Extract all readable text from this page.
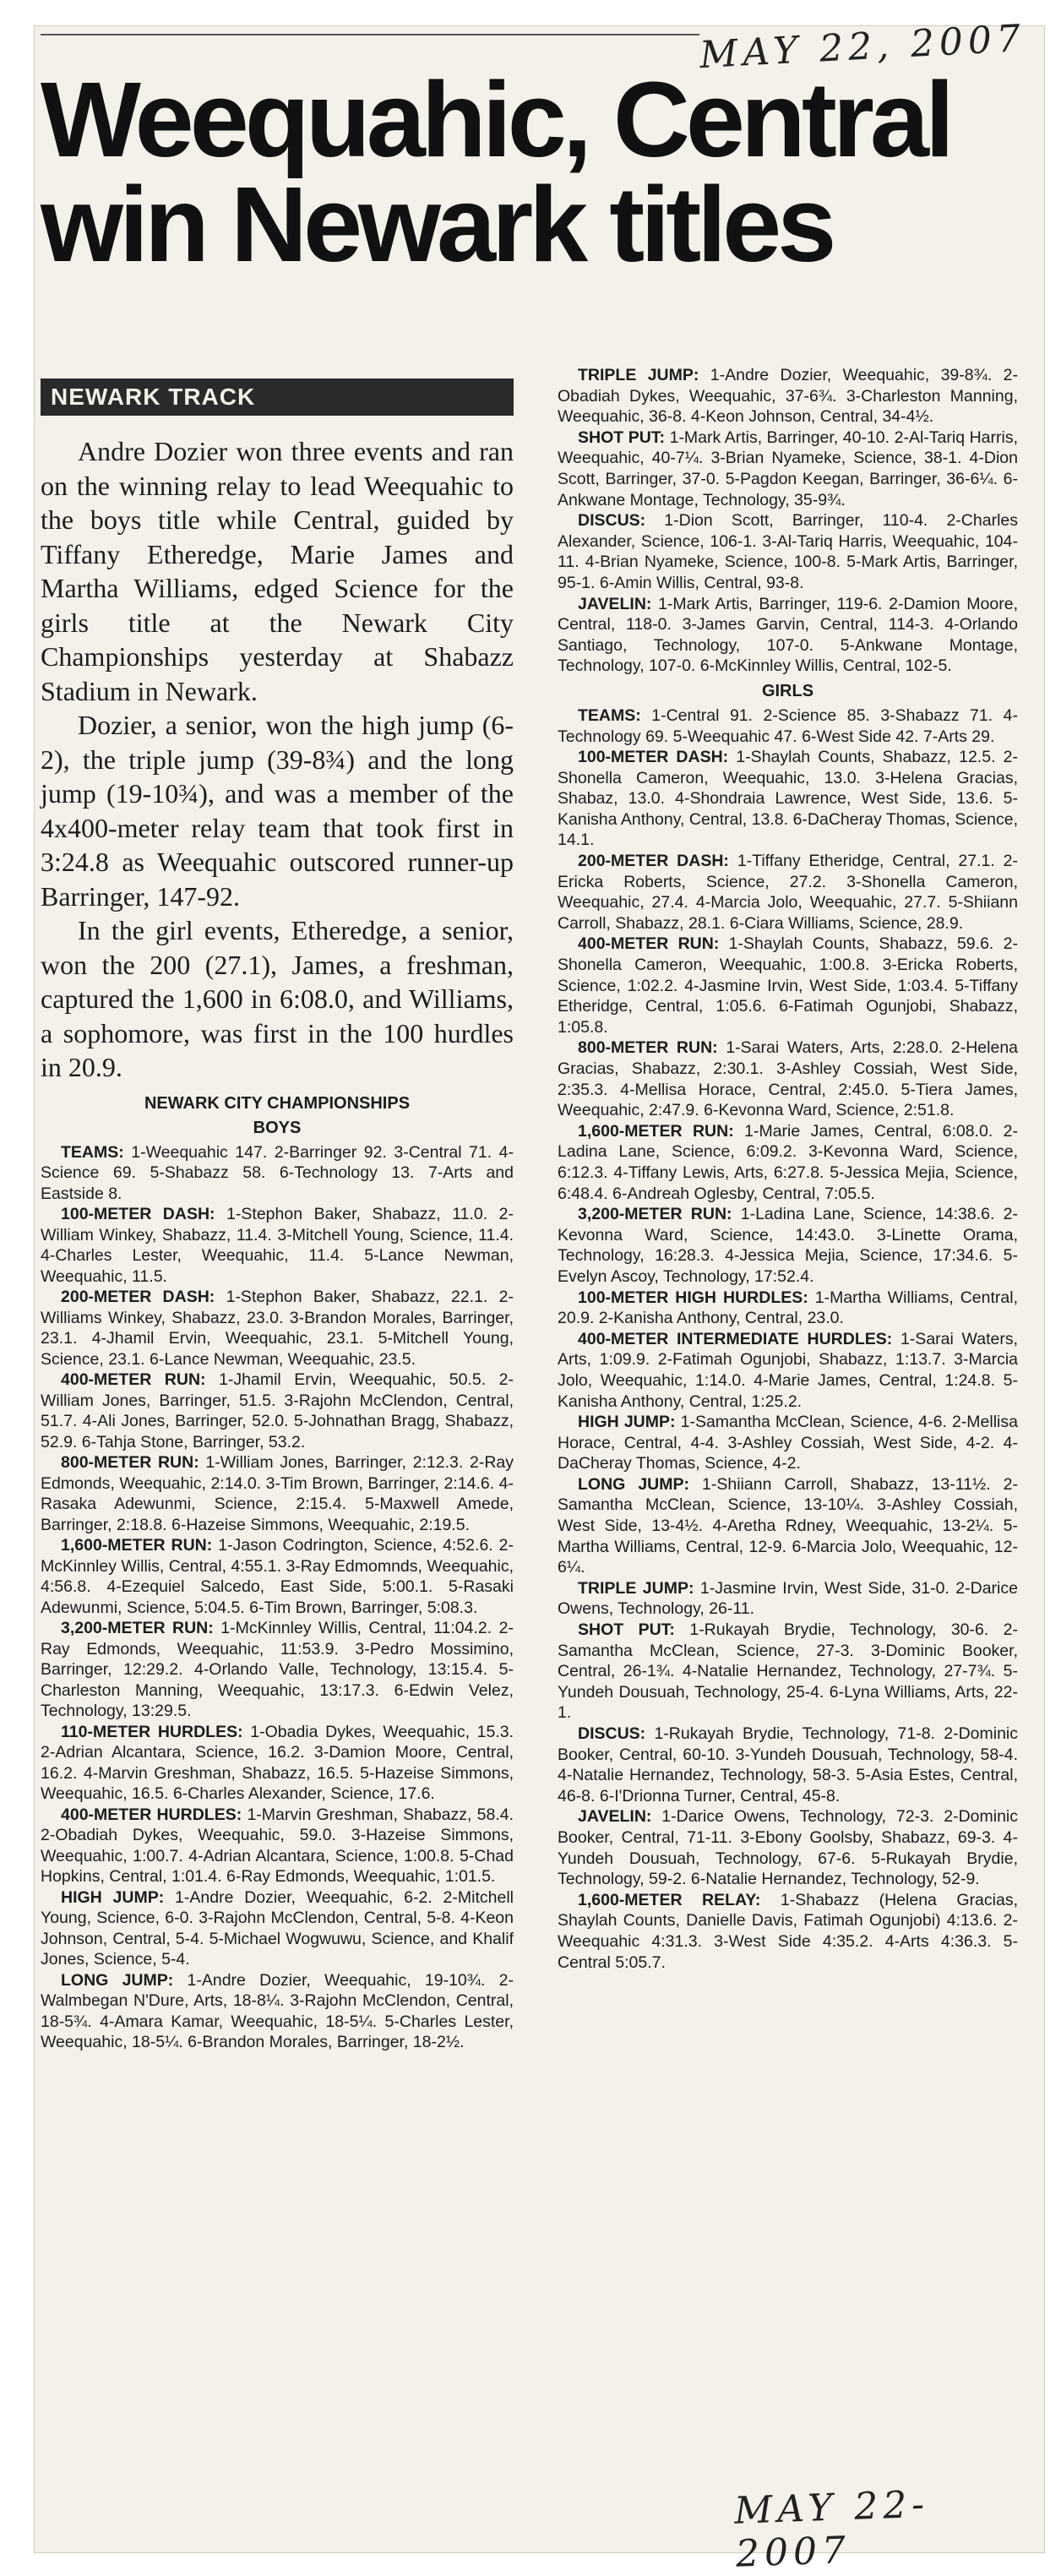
MAY 22, 2007
Weequahic, Central
win Newark titles
NEWARK TRACK

Andre Dozier won three events and ran on the winning relay to lead Weequahic to the boys title while Central, guided by Tiffany Etheredge, Marie James and Martha Williams, edged Science for the girls title at the Newark City Championships yesterday at Shabazz Stadium in Newark.

Dozier, a senior, won the high jump (6-2), the triple jump (39-8¾) and the long jump (19-10¾), and was a member of the 4x400-meter relay team that took first in 3:24.8 as Weequahic outscored runner-up Barringer, 147-92.

In the girl events, Etheredge, a senior, won the 200 (27.1), James, a freshman, captured the 1,600 in 6:08.0, and Williams, a sophomore, was first in the 100 hurdles in 20.9.

NEWARK CITY CHAMPIONSHIPS
BOYS

TEAMS: 1-Weequahic 147. 2-Barringer 92. 3-Central 71. 4-Science 69. 5-Shabazz 58. 6-Technology 13. 7-Arts and Eastside 8.

100-METER DASH: 1-Stephon Baker, Shabazz, 11.0. 2-William Winkey, Shabazz, 11.4. 3-Mitchell Young, Science, 11.4. 4-Charles Lester, Weequahic, 11.4. 5-Lance Newman, Weequahic, 11.5.

200-METER DASH: 1-Stephon Baker, Shabazz, 22.1. 2-Williams Winkey, Shabazz, 23.0. 3-Brandon Morales, Barringer, 23.1. 4-Jhamil Ervin, Weequahic, 23.1. 5-Mitchell Young, Science, 23.1. 6-Lance Newman, Weequahic, 23.5.

400-METER RUN: 1-Jhamil Ervin, Weequahic, 50.5. 2-William Jones, Barringer, 51.5. 3-Rajohn McClendon, Central, 51.7. 4-Ali Jones, Barringer, 52.0. 5-Johnathan Bragg, Shabazz, 52.9. 6-Tahja Stone, Barringer, 53.2.

800-METER RUN: 1-William Jones, Barringer, 2:12.3. 2-Ray Edmonds, Weequahic, 2:14.0. 3-Tim Brown, Barringer, 2:14.6. 4-Rasaka Adewunmi, Science, 2:15.4. 5-Maxwell Amede, Barringer, 2:18.8. 6-Hazeise Simmons, Weequahic, 2:19.5.

1,600-METER RUN: 1-Jason Codrington, Science, 4:52.6. 2-McKinnley Willis, Central, 4:55.1. 3-Ray Edmomnds, Weequahic, 4:56.8. 4-Ezequiel Salcedo, East Side, 5:00.1. 5-Rasaki Adewunmi, Science, 5:04.5. 6-Tim Brown, Barringer, 5:08.3.

3,200-METER RUN: 1-McKinnley Willis, Central, 11:04.2. 2-Ray Edmonds, Weequahic, 11:53.9. 3-Pedro Mossimino, Barringer, 12:29.2. 4-Orlando Valle, Technology, 13:15.4. 5-Charleston Manning, Weequahic, 13:17.3. 6-Edwin Velez, Technology, 13:29.5.

110-METER HURDLES: 1-Obadia Dykes, Weequahic, 15.3. 2-Adrian Alcantara, Science, 16.2. 3-Damion Moore, Central, 16.2. 4-Marvin Greshman, Shabazz, 16.5. 5-Hazeise Simmons, Weequahic, 16.5. 6-Charles Alexander, Science, 17.6.

400-METER HURDLES: 1-Marvin Greshman, Shabazz, 58.4. 2-Obadiah Dykes, Weequahic, 59.0. 3-Hazeise Simmons, Weequahic, 1:00.7. 4-Adrian Alcantara, Science, 1:00.8. 5-Chad Hopkins, Central, 1:01.4. 6-Ray Edmonds, Weequahic, 1:01.5.

HIGH JUMP: 1-Andre Dozier, Weequahic, 6-2. 2-Mitchell Young, Science, 6-0. 3-Rajohn McClendon, Central, 5-8. 4-Keon Johnson, Central, 5-4. 5-Michael Wogwuwu, Science, and Khalif Jones, Science, 5-4.

LONG JUMP: 1-Andre Dozier, Weequahic, 19-10¾. 2-Walmbegan N'Dure, Arts, 18-8¼. 3-Rajohn McClendon, Central, 18-5¾. 4-Amara Kamar, Weequahic, 18-5¼. 5-Charles Lester, Weequahic, 18-5¼. 6-Brandon Morales, Barringer, 18-2½.

TRIPLE JUMP: 1-Andre Dozier, Weequahic, 39-8¾. 2-Obadiah Dykes, Weequahic, 37-6¾. 3-Charleston Manning, Weequahic, 36-8. 4-Keon Johnson, Central, 34-4½.

SHOT PUT: 1-Mark Artis, Barringer, 40-10. 2-Al-Tariq Harris, Weequahic, 40-7¼. 3-Brian Nyameke, Science, 38-1. 4-Dion Scott, Barringer, 37-0. 5-Pagdon Keegan, Barringer, 36-6¼. 6-Ankwane Montage, Technology, 35-9¾.

DISCUS: 1-Dion Scott, Barringer, 110-4. 2-Charles Alexander, Science, 106-1. 3-Al-Tariq Harris, Weequahic, 104-11. 4-Brian Nyameke, Science, 100-8. 5-Mark Artis, Barringer, 95-1. 6-Amin Willis, Central, 93-8.

JAVELIN: 1-Mark Artis, Barringer, 119-6. 2-Damion Moore, Central, 118-0. 3-James Garvin, Central, 114-3. 4-Orlando Santiago, Technology, 107-0. 5-Ankwane Montage, Technology, 107-0. 6-McKinnley Willis, Central, 102-5.

GIRLS

TEAMS: 1-Central 91. 2-Science 85. 3-Shabazz 71. 4-Technology 69. 5-Weequahic 47. 6-West Side 42. 7-Arts 29.

100-METER DASH: 1-Shaylah Counts, Shabazz, 12.5. 2-Shonella Cameron, Weequahic, 13.0. 3-Helena Gracias, Shabaz, 13.0. 4-Shondraia Lawrence, West Side, 13.6. 5-Kanisha Anthony, Central, 13.8. 6-DaCheray Thomas, Science, 14.1.

200-METER DASH: 1-Tiffany Etheridge, Central, 27.1. 2-Ericka Roberts, Science, 27.2. 3-Shonella Cameron, Weequahic, 27.4. 4-Marcia Jolo, Weequahic, 27.7. 5-Shiiann Carroll, Shabazz, 28.1. 6-Ciara Williams, Science, 28.9.

400-METER RUN: 1-Shaylah Counts, Shabazz, 59.6. 2-Shonella Cameron, Weequahic, 1:00.8. 3-Ericka Roberts, Science, 1:02.2. 4-Jasmine Irvin, West Side, 1:03.4. 5-Tiffany Etheridge, Central, 1:05.6. 6-Fatimah Ogunjobi, Shabazz, 1:05.8.

800-METER RUN: 1-Sarai Waters, Arts, 2:28.0. 2-Helena Gracias, Shabazz, 2:30.1. 3-Ashley Cossiah, West Side, 2:35.3. 4-Mellisa Horace, Central, 2:45.0. 5-Tiera James, Weequahic, 2:47.9. 6-Kevonna Ward, Science, 2:51.8.

1,600-METER RUN: 1-Marie James, Central, 6:08.0. 2-Ladina Lane, Science, 6:09.2. 3-Kevonna Ward, Science, 6:12.3. 4-Tiffany Lewis, Arts, 6:27.8. 5-Jessica Mejia, Science, 6:48.4. 6-Andreah Oglesby, Central, 7:05.5.

3,200-METER RUN: 1-Ladina Lane, Science, 14:38.6. 2-Kevonna Ward, Science, 14:43.0. 3-Linette Orama, Technology, 16:28.3. 4-Jessica Mejia, Science, 17:34.6. 5-Evelyn Ascoy, Technology, 17:52.4.

100-METER HIGH HURDLES: 1-Martha Williams, Central, 20.9. 2-Kanisha Anthony, Central, 23.0.

400-METER INTERMEDIATE HURDLES: 1-Sarai Waters, Arts, 1:09.9. 2-Fatimah Ogunjobi, Shabazz, 1:13.7. 3-Marcia Jolo, Weequahic, 1:14.0. 4-Marie James, Central, 1:24.8. 5-Kanisha Anthony, Central, 1:25.2.

HIGH JUMP: 1-Samantha McClean, Science, 4-6. 2-Mellisa Horace, Central, 4-4. 3-Ashley Cossiah, West Side, 4-2. 4-DaCheray Thomas, Science, 4-2.

LONG JUMP: 1-Shiiann Carroll, Shabazz, 13-11½. 2-Samantha McClean, Science, 13-10¼. 3-Ashley Cossiah, West Side, 13-4½. 4-Aretha Rdney, Weequahic, 13-2¼. 5-Martha Williams, Central, 12-9. 6-Marcia Jolo, Weequahic, 12-6¼.

TRIPLE JUMP: 1-Jasmine Irvin, West Side, 31-0. 2-Darice Owens, Technology, 26-11.

SHOT PUT: 1-Rukayah Brydie, Technology, 30-6. 2-Samantha McClean, Science, 27-3. 3-Dominic Booker, Central, 26-1¾. 4-Natalie Hernandez, Technology, 27-7¾. 5-Yundeh Dousuah, Technology, 25-4. 6-Lyna Williams, Arts, 22-1.

DISCUS: 1-Rukayah Brydie, Technology, 71-8. 2-Dominic Booker, Central, 60-10. 3-Yundeh Dousuah, Technology, 58-4. 4-Natalie Hernandez, Technology, 58-3. 5-Asia Estes, Central, 46-8. 6-I'Drionna Turner, Central, 45-8.

JAVELIN: 1-Darice Owens, Technology, 72-3. 2-Dominic Booker, Central, 71-11. 3-Ebony Goolsby, Shabazz, 69-3. 4-Yundeh Dousuah, Technology, 67-6. 5-Rukayah Brydie, Technology, 59-2. 6-Natalie Hernandez, Technology, 52-9.

1,600-METER RELAY: 1-Shabazz (Helena Gracias, Shaylah Counts, Danielle Davis, Fatimah Ogunjobi) 4:13.6. 2-Weequahic 4:31.3. 3-West Side 4:35.2. 4-Arts 4:36.3. 5-Central 5:05.7.

MAY 22- 2007
